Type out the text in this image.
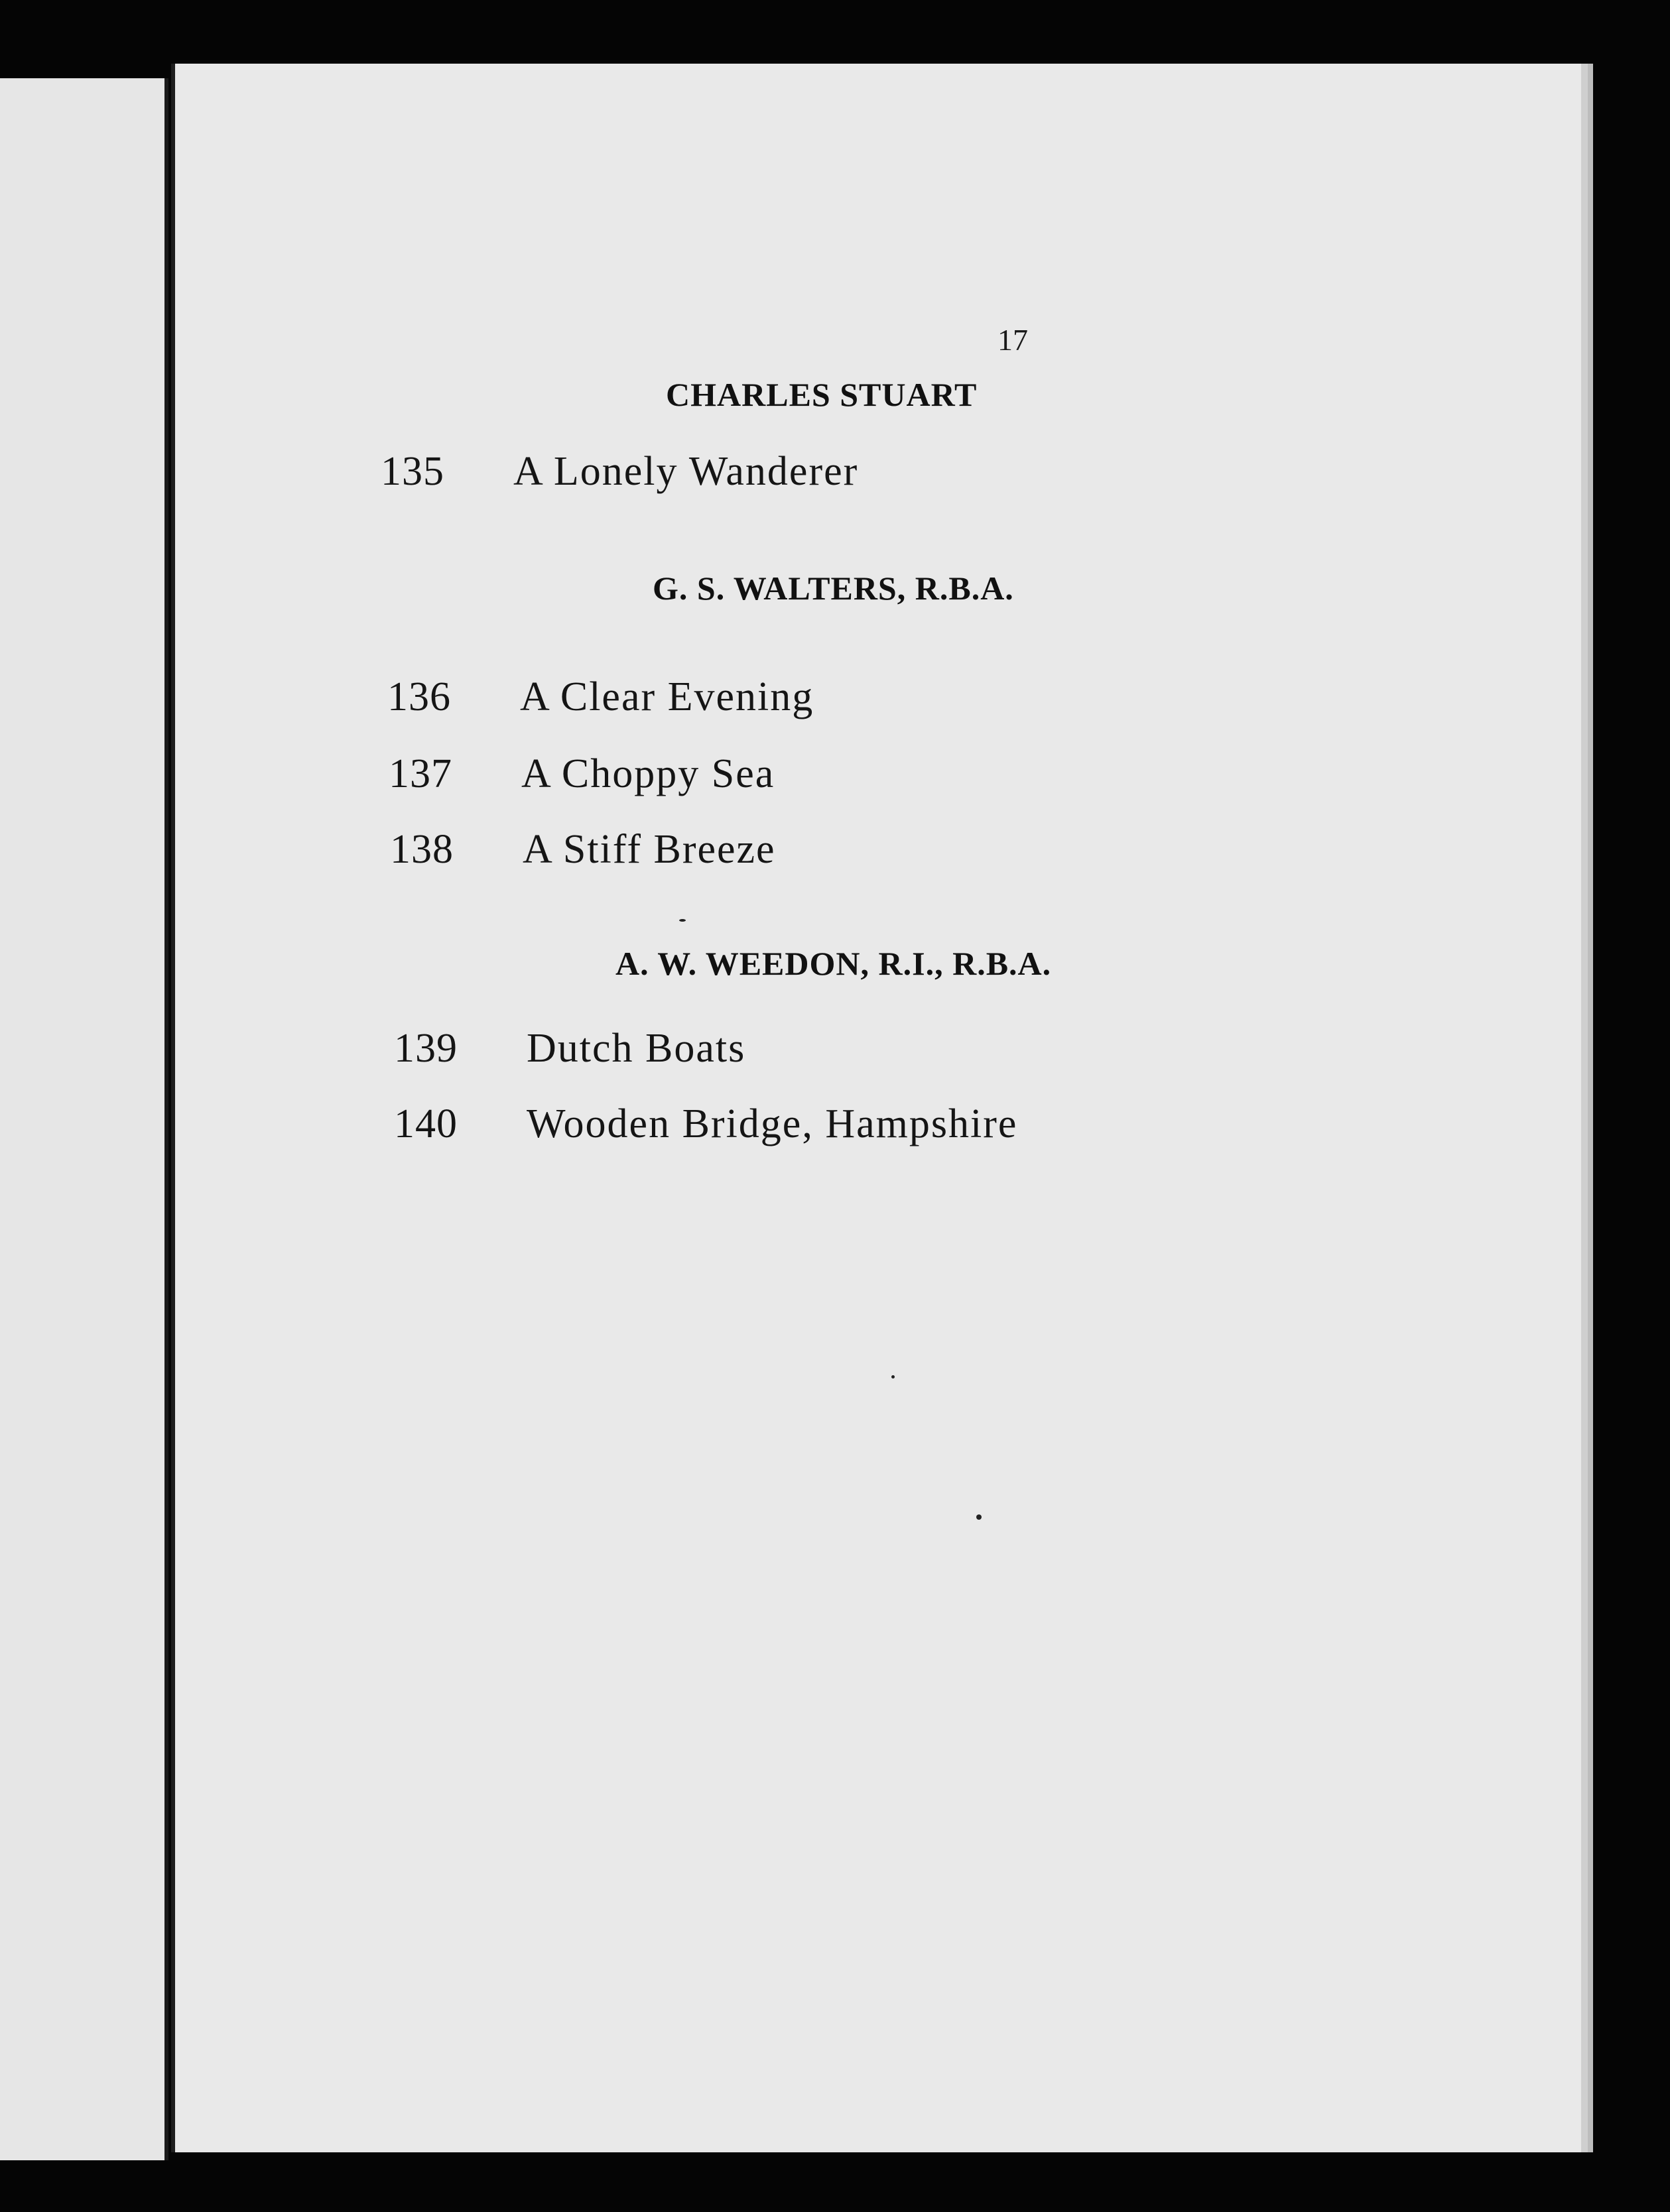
17
CHARLES STUART
135 A Lonely Wanderer
G. S. WALTERS, R.B.A.
136 A Clear Evening
137 A Choppy Sea
138 A Stiff Breeze
A. W. WEEDON, R.I., R.B.A.
139 Dutch Boats
140 Wooden Bridge, Hampshire
